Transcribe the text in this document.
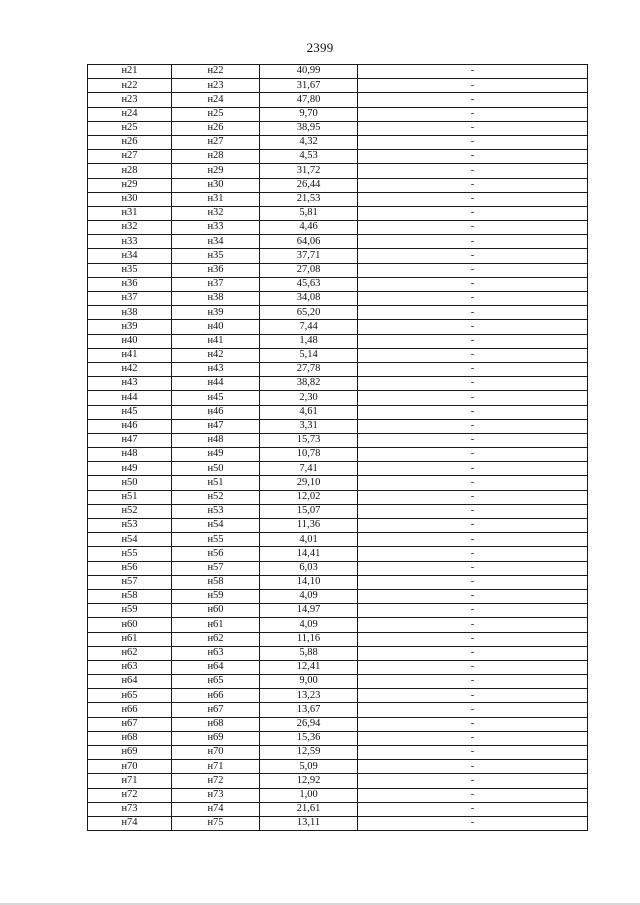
2399
н21	н22	40,99	-
н22	н23	31,67	-
н23	н24	47,80	-
н24	н25	9,70	-
н25	н26	38,95	-
н26	н27	4,32	-
н27	н28	4,53	-
н28	н29	31,72	-
н29	н30	26,44	-
н30	н31	21,53	-
н31	н32	5,81	-
н32	н33	4,46	-
н33	н34	64,06	-
н34	н35	37,71	-
н35	н36	27,08	-
н36	н37	45,63	-
н37	н38	34,08	-
н38	н39	65,20	-
н39	н40	7,44	-
н40	н41	1,48	-
н41	н42	5,14	-
н42	н43	27,78	-
н43	н44	38,82	-
н44	н45	2,30	-
н45	н46	4,61	-
н46	н47	3,31	-
н47	н48	15,73	-
н48	н49	10,78	-
н49	н50	7,41	-
н50	н51	29,10	-
н51	н52	12,02	-
н52	н53	15,07	-
н53	н54	11,36	-
н54	н55	4,01	-
н55	н56	14,41	-
н56	н57	6,03	-
н57	н58	14,10	-
н58	н59	4,09	-
н59	н60	14,97	-
н60	н61	4,09	-
н61	н62	11,16	-
н62	н63	5,88	-
н63	н64	12,41	-
н64	н65	9,00	-
н65	н66	13,23	-
н66	н67	13,67	-
н67	н68	26,94	-
н68	н69	15,36	-
н69	н70	12,59	-
н70	н71	5,09	-
н71	н72	12,92	-
н72	н73	1,00	-
н73	н74	21,61	-
н74	н75	13,11	-
